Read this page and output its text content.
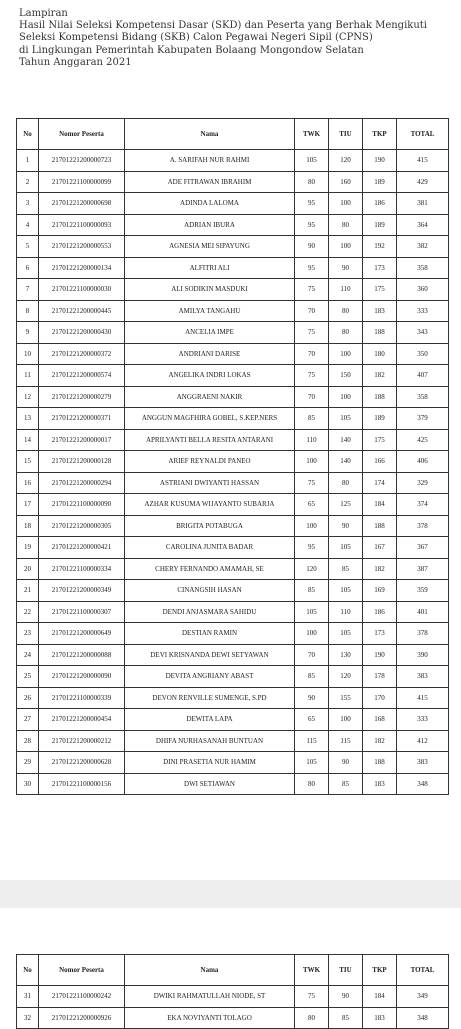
Lampiran
Hasil Nilai Seleksi Kompetensi Dasar (SKD) dan Peserta yang Berhak Mengikuti
Seleksi Kompetensi Bidang (SKB) Calon Pegawai Negeri Sipil (CPNS)
di Lingkungan Pemerintah Kabupaten Bolaang Mongondow Selatan
Tahun Anggaran 2021
No	Nomor Peserta	Nama	TWK	TIU	TKP	TOTAL
1	21701221200000723	A. SARIFAH NUR RAHMI	105	120	190	415
2	21701221100000099	ADE FITRAWAN IBRAHIM	80	160	189	429
3	21701221200000698	ADINDA LALOMA	95	100	186	381
4	21701221100000093	ADRIAN IBURA	95	80	189	364
5	21701221200000553	AGNESIA MEI SIPAYUNG	90	100	192	382
6	21701221200000134	ALFITRI ALI	95	90	173	358
7	21701221100000030	ALI SODIKIN MASDUKI	75	110	175	360
8	21701221200000445	AMILYA TANGAHU	70	80	183	333
9	21701221200000430	ANCELIA IMPE	75	80	188	343
10	21701221200000372	ANDRIANI DARISE	70	100	180	350
11	21701221200000574	ANGELIKA INDRI LOKAS	75	150	182	407
12	21701221200000279	ANGGRAENI NAKIR	70	100	188	358
13	21701221200000371	ANGGUN MAGFHIRA GOBEL, S.KEP.NERS	85	105	189	379
14	21701221200000017	APRILYANTI BELLA RESITA ANTARANI	110	140	175	425
15	21701221200000128	ARIEF REYNALDI PANEO	100	140	166	406
16	21701221200000294	ASTRIANI DWIYANTI HASSAN	75	80	174	329
17	21701221100000090	AZHAR KUSUMA WIJAYANTO SUBARJA	65	125	184	374
18	21701221200000305	BRIGITA POTABUGA	100	90	188	378
19	21701221200000421	CAROLINA JUNITA BADAR	95	105	167	367
20	21701221100000334	CHERY FERNANDO AMAMAH, SE	120	85	182	387
21	21701221200000349	CINANGSIH HASAN	85	105	169	359
22	21701221100000307	DENDI ANJASMARA SAHIDU	105	110	186	401
23	21701221200000649	DESTIAN RAMIN	100	105	173	378
24	21701221200000088	DEVI KRISNANDA DEWI SETYAWAN	70	130	190	390
25	21701221200000090	DEVITA ANGRIANY ABAST	85	120	178	383
26	21701221100000339	DEVON RENVILLE SUMENGE, S.PD	90	155	170	415
27	21701221200000454	DEWITA LAPA	65	100	168	333
28	21701221200000212	DHIFA NURHASANAH BUNTUAN	115	115	182	412
29	21701221200000628	DINI PRASETIA NUR HAMIM	105	90	188	383
30	21701221100000156	DWI SETIAWAN	80	85	183	348
No	Nomor Peserta	Nama	TWK	TIU	TKP	TOTAL
31	21701221100000242	DWIKI RAHMATULLAH NIODE, ST	75	90	184	349
32	21701221200000926	EKA NOVIYANTI TOLAGO	80	85	183	348
